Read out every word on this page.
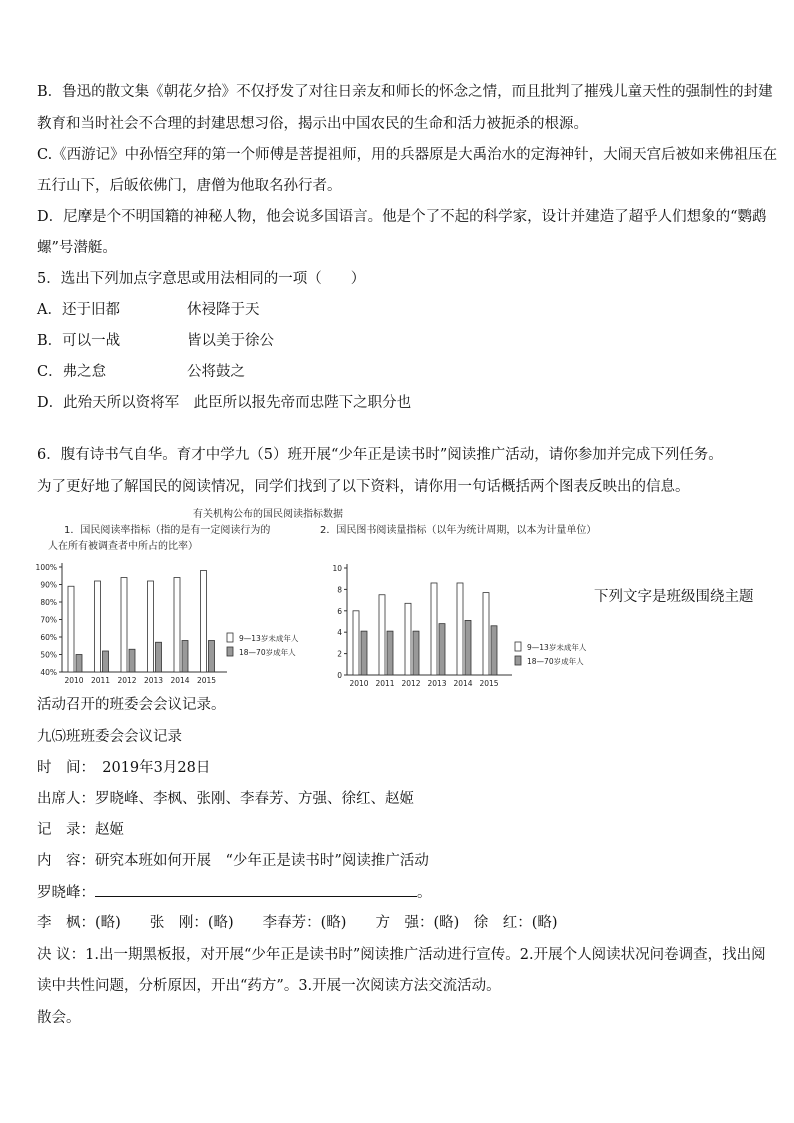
B．鲁迅的散文集《朝花夕拾》不仅抒发了对往日亲友和师长的怀念之情，而且批判了摧残儿童天性的强制性的封建
教育和当时社会不合理的封建思想习俗，揭示出中国农民的生命和活力被扼杀的根源。
C.《西游记》中孙悟空拜的第一个师傅是菩提祖师，用的兵器原是大禹治水的定海神针，大闹天宫后被如来佛祖压在
五行山下，后皈依佛门，唐僧为他取名孙行者。
D．尼摩是个不明国籍的神秘人物，他会说多国语言。他是个了不起的科学家，设计并建造了超乎人们想象的“鹦鹉
螺”号潜艇。
5．选出下列加点字意思或用法相同的一项（　　）
A．还于旧都	休祲降于天
B．可以一战	皆以美于徐公
C．弗之怠	公将鼓之
D．此殆天所以资将军　此臣所以报先帝而忠陛下之职分也
6．腹有诗书气自华。育才中学九（5）班开展“少年正是读书时”阅读推广活动，请你参加并完成下列任务。
为了更好地了解国民的阅读情况，同学们找到了以下资料，请你用一句话概括两个图表反映出的信息。
有关机构公布的国民阅读指标数据
1．国民阅读率指标（指的是有一定阅读行为的
人在所有被调查者中所占的比率）
2．国民图书阅读量指标（以年为统计周期，以本为计量单位）
40%
50%
60%
70%
80%
90%
100%
2010 2011 2012 2013 2014 2015
9—13岁未成年人
18—70岁成年人
0
2
4
6
8
10
2010 2011 2012 2013 2014 2015
9—13岁未成年人
18—70岁成年人
下列文字是班级围绕主题
活动召开的班委会会议记录。
九⑸班班委会会议记录
时　间：　2019年3月28日
出席人：罗晓峰、李枫、张刚、李春芳、方强、徐红、赵姬
记　录：赵姬
内　容：研究本班如何开展　“少年正是读书时”阅读推广活动
罗晓峰：	。
李　枫：(略)　　张　刚：(略)　　李春芳：(略)　　方　强：(略)　徐　红：(略)
决 议：1.出一期黑板报，对开展“少年正是读书时”阅读推广活动进行宣传。2.开展个人阅读状况问卷调查，找出阅
读中共性问题，分析原因，开出“药方”。3.开展一次阅读方法交流活动。
散会。
